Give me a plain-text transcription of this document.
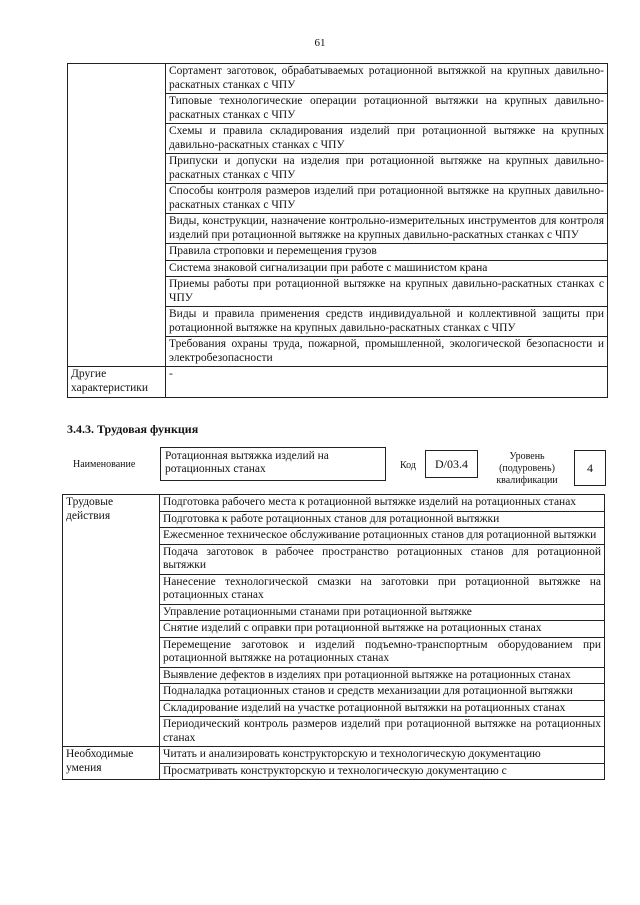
61
	Сортамент заготовок, обрабатываемых ротационной вытяжкой на крупных давильно-раскатных станках с ЧПУ
	Типовые технологические операции ротационной вытяжки на крупных давильно-раскатных станках с ЧПУ
	Схемы и правила складирования изделий при ротационной вытяжке на крупных давильно-раскатных станках с ЧПУ
	Припуски и допуски на изделия при ротационной вытяжке на крупных давильно-раскатных станках с ЧПУ
	Способы контроля размеров изделий при ротационной вытяжке на крупных давильно-раскатных станках с ЧПУ
	Виды, конструкции, назначение контрольно-измерительных инструментов для контроля изделий при ротационной вытяжке на крупных давильно-раскатных станках с ЧПУ
	Правила строповки и перемещения грузов
	Система знаковой сигнализации при работе с машинистом крана
	Приемы работы при ротационной вытяжке на крупных давильно-раскатных станках с ЧПУ
	Виды и правила применения средств индивидуальной и коллективной защиты при ротационной вытяжке на крупных давильно-раскатных станках с ЧПУ
	Требования охраны труда, пожарной, промышленной, экологической безопасности и электробезопасности
Другие характеристики	-
3.4.3. Трудовая функция
Наименование
Ротационная вытяжка изделий на ротационных станах	Код	D/03.4
Уровень (подуровень) квалификации
4
Трудовые действия	Подготовка рабочего места к ротационной вытяжке изделий на ротационных станах
	Подготовка к работе ротационных станов для ротационной вытяжки
	Ежесменное техническое обслуживание ротационных станов для ротационной вытяжки
	Подача заготовок в рабочее пространство ротационных станов для ротационной вытяжки
	Нанесение технологической смазки на заготовки при ротационной вытяжке на ротационных станах
	Управление ротационными станами при ротационной вытяжке
	Снятие изделий с оправки при ротационной вытяжке на ротационных станах
	Перемещение заготовок и изделий подъемно-транспортным оборудованием при ротационной вытяжке на ротационных станах
	Выявление дефектов в изделиях при ротационной вытяжке на ротационных станах
	Подналадка ротационных станов и средств механизации для ротационной вытяжки
	Складирование изделий на участке ротационной вытяжки на ротационных станах
	Периодический контроль размеров изделий при ротационной вытяжке на ротационных станах
Необходимые умения	Читать и анализировать конструкторскую и технологическую документацию
	Просматривать конструкторскую и технологическую документацию с
